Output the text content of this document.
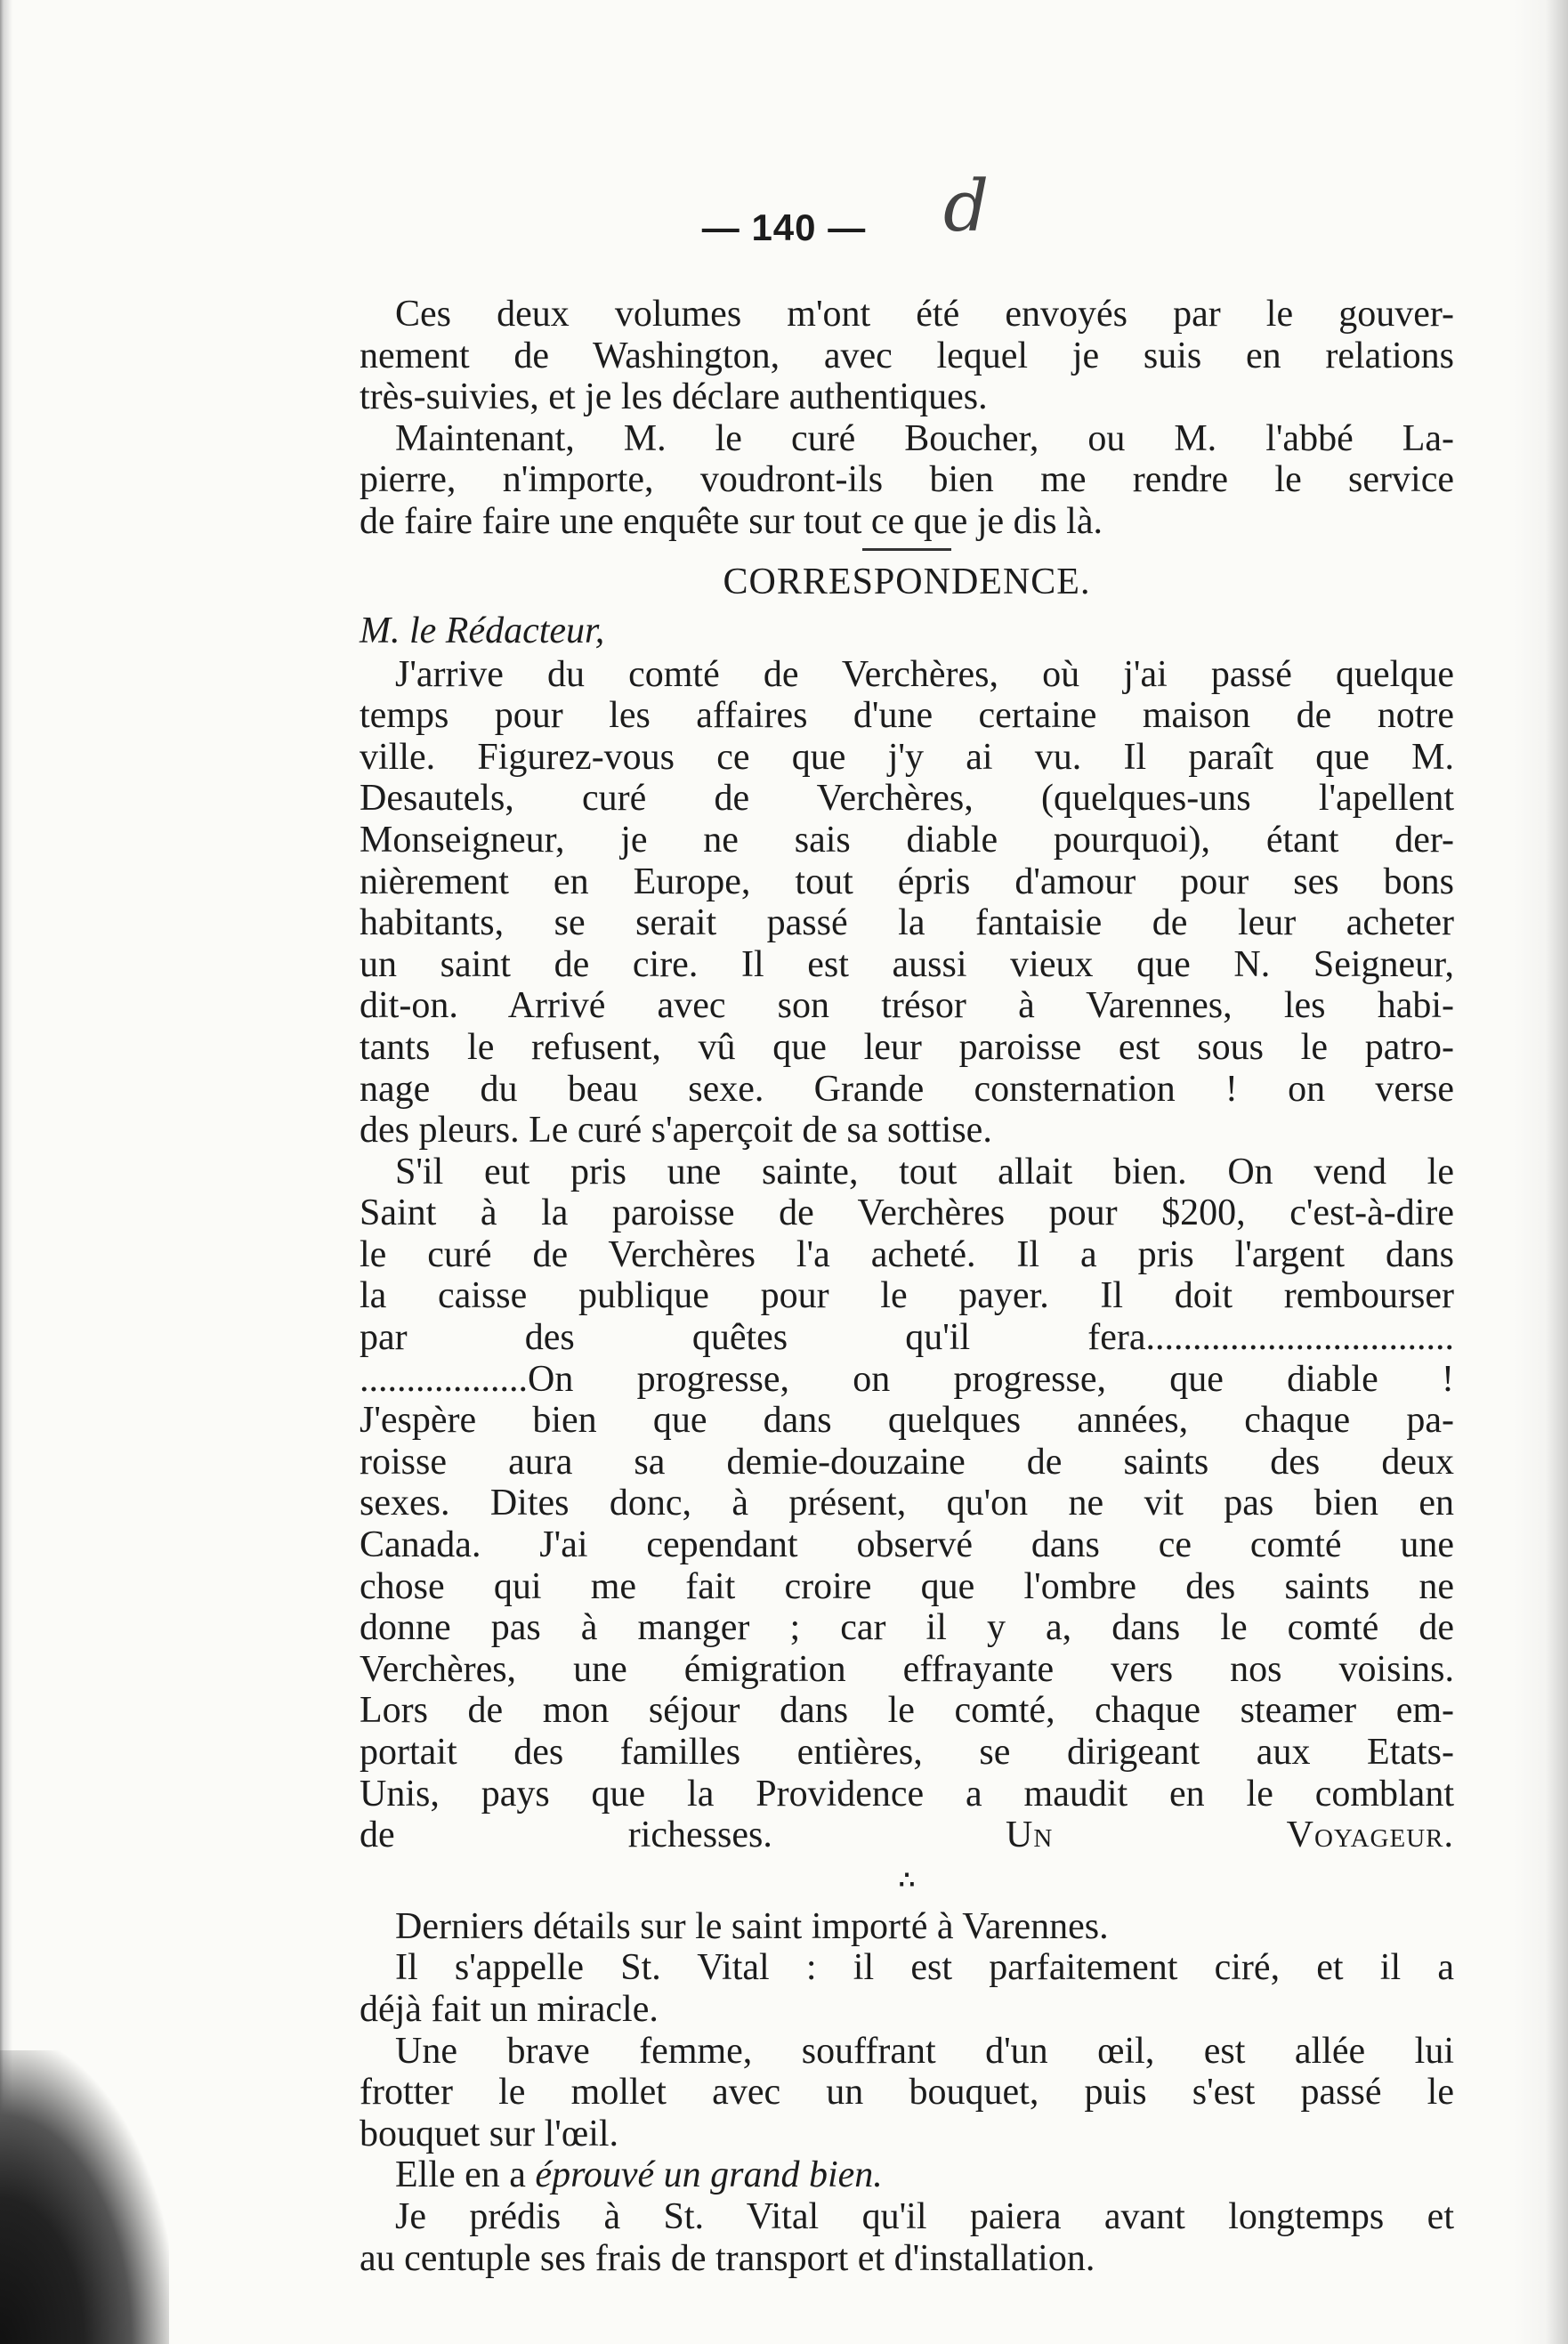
— 140 —	d
Ces deux volumes m'ont été envoyés par le gouver-
nement de Washington, avec lequel je suis en relations
très-suivies, et je les déclare authentiques.
Maintenant, M. le curé Boucher, ou M. l'abbé La-
pierre, n'importe, voudront-ils bien me rendre le service
de faire faire une enquête sur tout ce que je dis là.
CORRESPONDENCE.
M. le Rédacteur,
J'arrive du comté de Verchères, où j'ai passé quelque
temps pour les affaires d'une certaine maison de notre
ville. Figurez-vous ce que j'y ai vu. Il paraît que M.
Desautels, curé de Verchères, (quelques-uns l'apellent
Monseigneur, je ne sais diable pourquoi), étant der-
nièrement en Europe, tout épris d'amour pour ses bons
habitants, se serait passé la fantaisie de leur acheter
un saint de cire. Il est aussi vieux que N. Seigneur,
dit-on. Arrivé avec son trésor à Varennes, les habi-
tants le refusent, vû que leur paroisse est sous le patro-
nage du beau sexe. Grande consternation ! on verse
des pleurs. Le curé s'aperçoit de sa sottise.
S'il eut pris une sainte, tout allait bien. On vend le
Saint à la paroisse de Verchères pour $200, c'est-à-dire
le curé de Verchères l'a acheté. Il a pris l'argent dans
la caisse publique pour le payer. Il doit rembourser
par des quêtes qu'il fera.................................
..................On progresse, on progresse, que diable !
J'espère bien que dans quelques années, chaque pa-
roisse aura sa demie-douzaine de saints des deux
sexes. Dites donc, à présent, qu'on ne vit pas bien en
Canada. J'ai cependant observé dans ce comté une
chose qui me fait croire que l'ombre des saints ne
donne pas à manger ; car il y a, dans le comté de
Verchères, une émigration effrayante vers nos voisins.
Lors de mon séjour dans le comté, chaque steamer em-
portait des familles entières, se dirigeant aux Etats-
Unis, pays que la Providence a maudit en le comblant
de richesses.	Un Voyageur.
∴
Derniers détails sur le saint importé à Varennes.
Il s'appelle St. Vital : il est parfaitement ciré, et il a
déjà fait un miracle.
Une brave femme, souffrant d'un œil, est allée lui
frotter le mollet avec un bouquet, puis s'est passé le
bouquet sur l'œil.
Elle en a éprouvé un grand bien.
Je prédis à St. Vital qu'il paiera avant longtemps et
au centuple ses frais de transport et d'installation.
